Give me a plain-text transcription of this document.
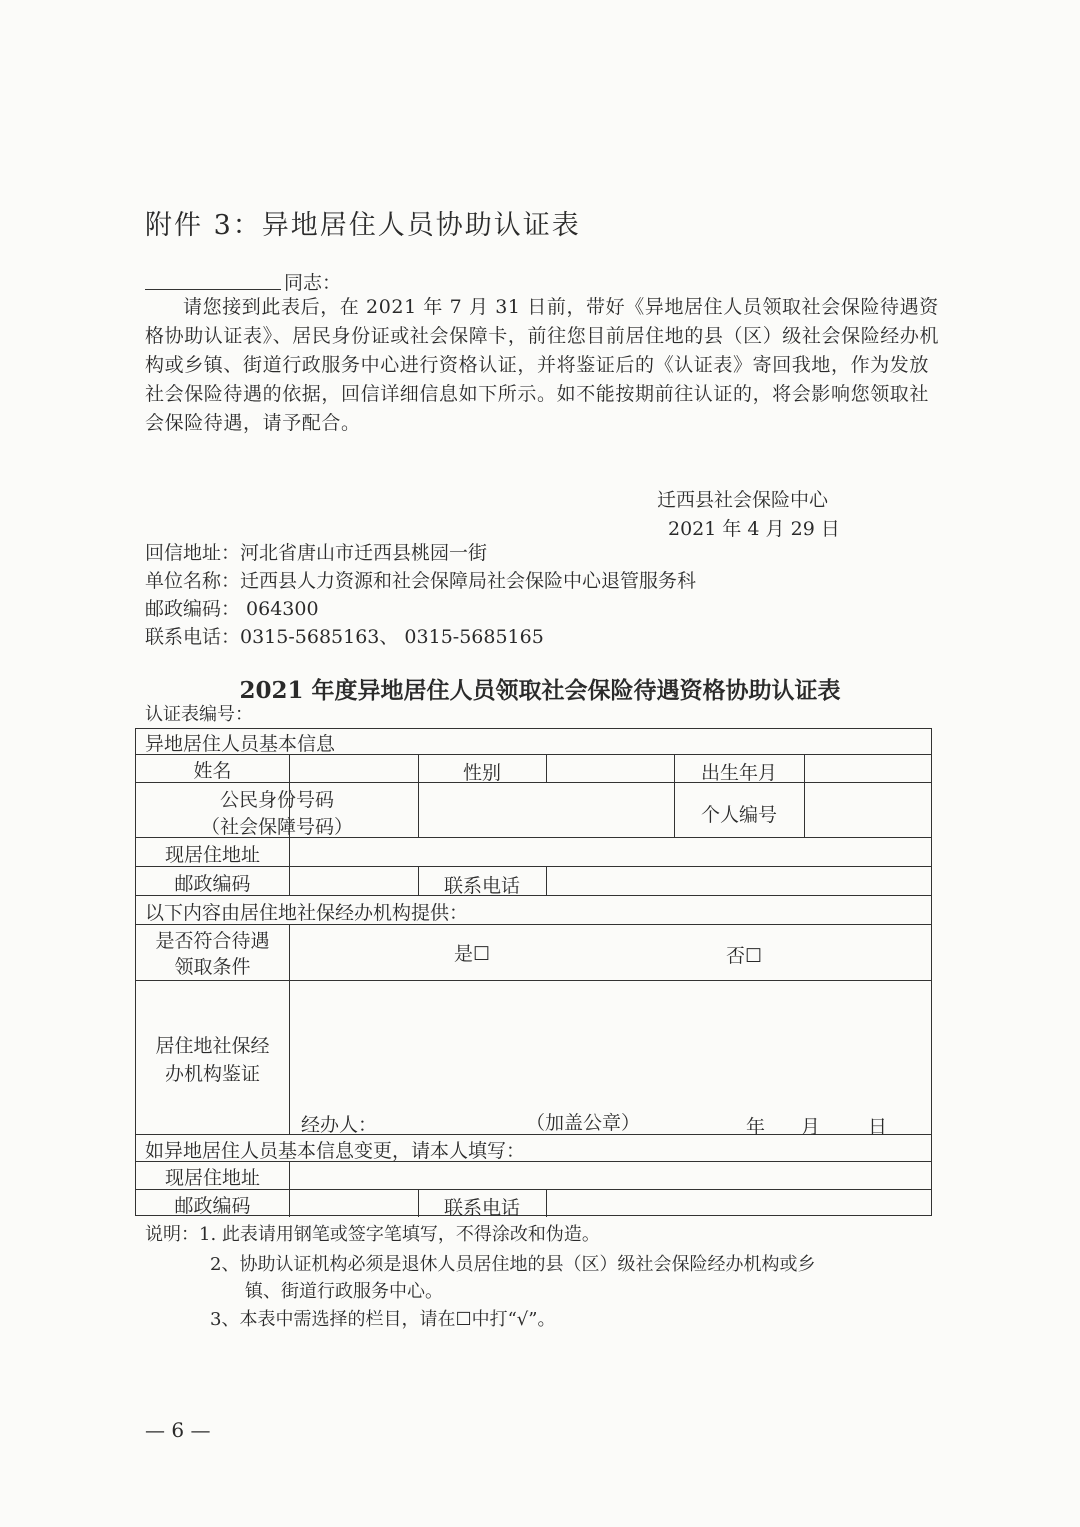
附件 3：异地居住人员协助认证表
同志：
请您接到此表后，在 2021 年 7 月 31 日前，带好《异地居住人员领取社会保险待遇资格协助认证表》、居民身份证或社会保障卡，前往您目前居住地的县（区）级社会保险经办机构或乡镇、街道行政服务中心进行资格认证，并将鉴证后的《认证表》寄回我地，作为发放社会保险待遇的依据，回信详细信息如下所示。如不能按期前往认证的，将会影响您领取社会保险待遇，请予配合。
迁西县社会保险中心
2021 年 4 月 29 日
回信地址：河北省唐山市迁西县桃园一街
单位名称：迁西县人力资源和社会保障局社会保险中心退管服务科
邮政编码： 064300
联系电话：0315-5685163、 0315-5685165
2021 年度异地居住人员领取社会保险待遇资格协助认证表
认证表编号：
异地居住人员基本信息
姓名	性别	出生年月
公民身份号码
（社会保障号码）
个人编号
现居住地址
邮政编码	联系电话
以下内容由居住地社保经办机构提供：
是否符合待遇
领取条件
是☐	否☐
居住地社保经
办机构鉴证
经办人：	（加盖公章）	年 月	日
如异地居住人员基本信息变更，请本人填写：
现居住地址
邮政编码	联系电话
说明：1. 此表请用钢笔或签字笔填写，不得涂改和伪造。
2、协助认证机构必须是退休人员居住地的县（区）级社会保险经办机构或乡
镇、街道行政服务中心。
3、本表中需选择的栏目，请在☐中打“√”。
— 6 —
